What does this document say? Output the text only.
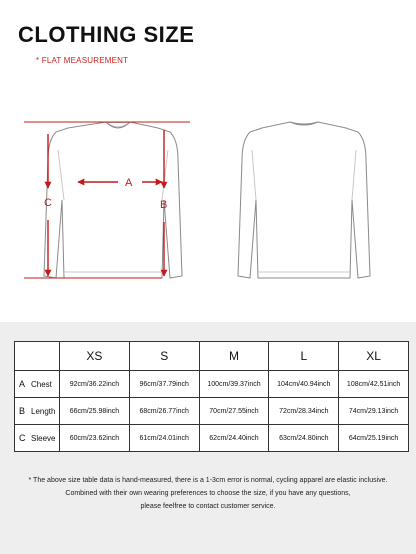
CLOTHING SIZE
* FLAT MEASUREMENT
C
A
B
	XS	S	M	L	XL
A Chest	92cm/36.22inch	96cm/37.79inch	100cm/39.37inch	104cm/40.94inch	108cm/42.51inch
B Length	66cm/25.98inch	68cm/26.77inch	70cm/27.55inch	72cm/28.34inch	74cm/29.13inch
C Sleeve	60cm/23.62inch	61cm/24.01inch	62cm/24.40inch	63cm/24.80inch	64cm/25.19inch
* The above size table data is hand-measured, there is a 1-3cm error is normal, cycling apparel are elastic inclusive.
Combined with their own wearing preferences to choose the size, if you have any questions,
please feelfree to contact customer service.
